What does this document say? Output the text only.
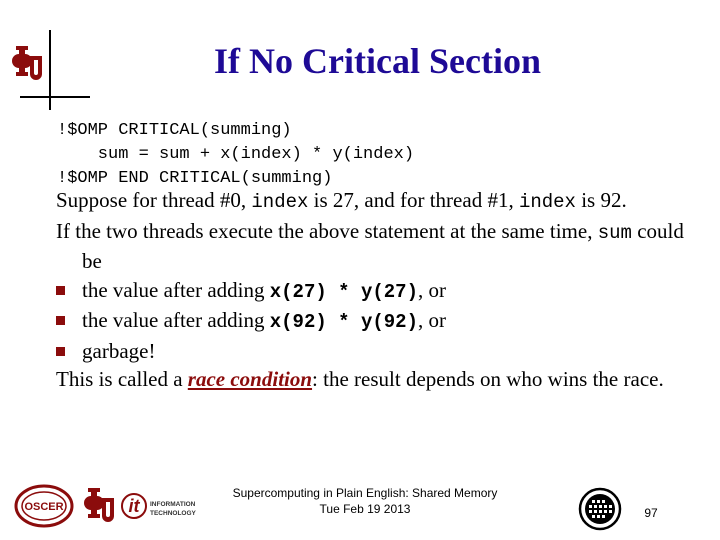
If No Critical Section
!$OMP CRITICAL(summing)
sum = sum + x(index) * y(index)
!$OMP END CRITICAL(summing)
Suppose for thread #0, index is 27, and for thread #1, index is 92.
If the two threads execute the above statement at the same time, sum could be
the value after adding x(27) * y(27), or
the value after adding x(92) * y(92), or
garbage!
This is called a race condition: the result depends on who wins the race.
OSCER	it INFORMATION
TECHNOLOGY
Supercomputing in Plain English: Shared Memory
Tue Feb 19 2013	97
